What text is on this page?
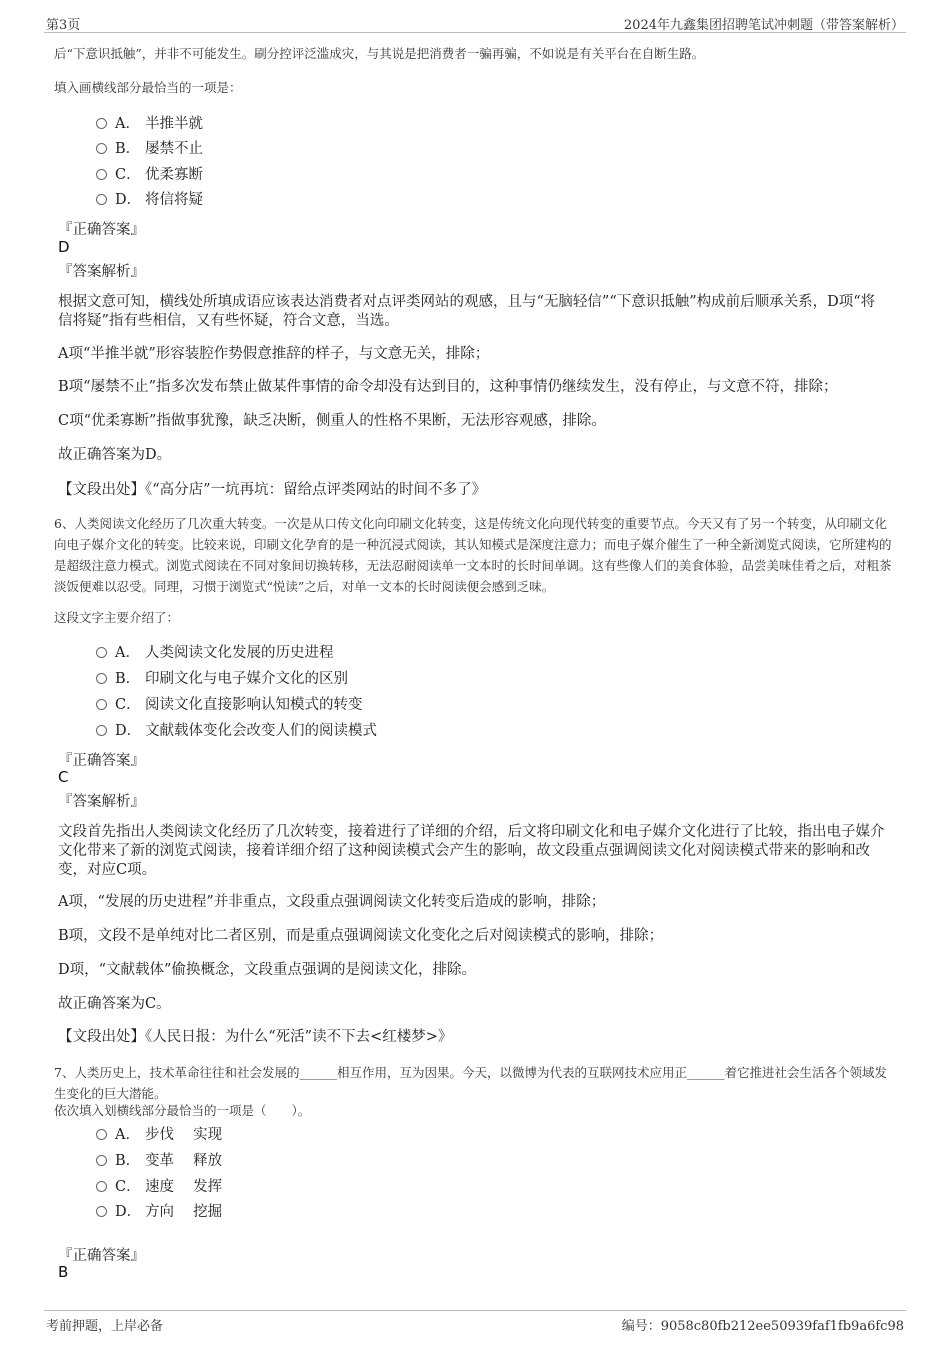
第3页	2024年九鑫集团招聘笔试冲刺题（带答案解析）
后“下意识抵触”，并非不可能发生。刷分控评泛滥成灾，与其说是把消费者一骗再骗，不如说是有关平台在自断生路。
填入画横线部分最恰当的一项是：
A． 半推半就
B． 屡禁不止
C． 优柔寡断
D． 将信将疑
『正确答案』
D
『答案解析』
根据文意可知，横线处所填成语应该表达消费者对点评类网站的观感，且与“无脑轻信”“下意识抵触”构成前后顺承关系，D项“将信将疑”指有些相信，又有些怀疑，符合文意，当选。
A项“半推半就”形容装腔作势假意推辞的样子，与文意无关，排除；
B项“屡禁不止”指多次发布禁止做某件事情的命令却没有达到目的，这种事情仍继续发生，没有停止，与文意不符，排除；
C项“优柔寡断”指做事犹豫，缺乏决断，侧重人的性格不果断，无法形容观感，排除。
故正确答案为D。
【文段出处】《“高分店”一坑再坑：留给点评类网站的时间不多了》
6、人类阅读文化经历了几次重大转变。一次是从口传文化向印刷文化转变，这是传统文化向现代转变的重要节点。今天又有了另一个转变，从印刷文化向电子媒介文化的转变。比较来说，印刷文化孕育的是一种沉浸式阅读，其认知模式是深度注意力；而电子媒介催生了一种全新浏览式阅读，它所建构的是超级注意力模式。浏览式阅读在不同对象间切换转移，无法忍耐阅读单一文本时的长时间单调。这有些像人们的美食体验，品尝美味佳肴之后，对粗茶淡饭便难以忍受。同理，习惯于浏览式“悦读”之后，对单一文本的长时阅读便会感到乏味。
这段文字主要介绍了：
A． 人类阅读文化发展的历史进程
B． 印刷文化与电子媒介文化的区别
C． 阅读文化直接影响认知模式的转变
D． 文献载体变化会改变人们的阅读模式
『正确答案』
C
『答案解析』
文段首先指出人类阅读文化经历了几次转变，接着进行了详细的介绍，后文将印刷文化和电子媒介文化进行了比较，指出电子媒介文化带来了新的浏览式阅读，接着详细介绍了这种阅读模式会产生的影响，故文段重点强调阅读文化对阅读模式带来的影响和改变，对应C项。
A项，“发展的历史进程”并非重点，文段重点强调阅读文化转变后造成的影响，排除；
B项，文段不是单纯对比二者区别，而是重点强调阅读文化变化之后对阅读模式的影响，排除；
D项，“文献载体”偷换概念，文段重点强调的是阅读文化，排除。
故正确答案为C。
【文段出处】《人民日报：为什么“死活”读不下去<红楼梦>》
7、人类历史上，技术革命往往和社会发展的______相互作用，互为因果。今天，以微博为代表的互联网技术应用正______着它推进社会生活各个领域发生变化的巨大潜能。
依次填入划横线部分最恰当的一项是（　　）。
A． 步伐　 实现
B． 变革　 释放
C． 速度　 发挥
D． 方向　 挖掘
『正确答案』
B
考前押题，上岸必备	编号：9058c80fb212ee50939faf1fb9a6fc98
